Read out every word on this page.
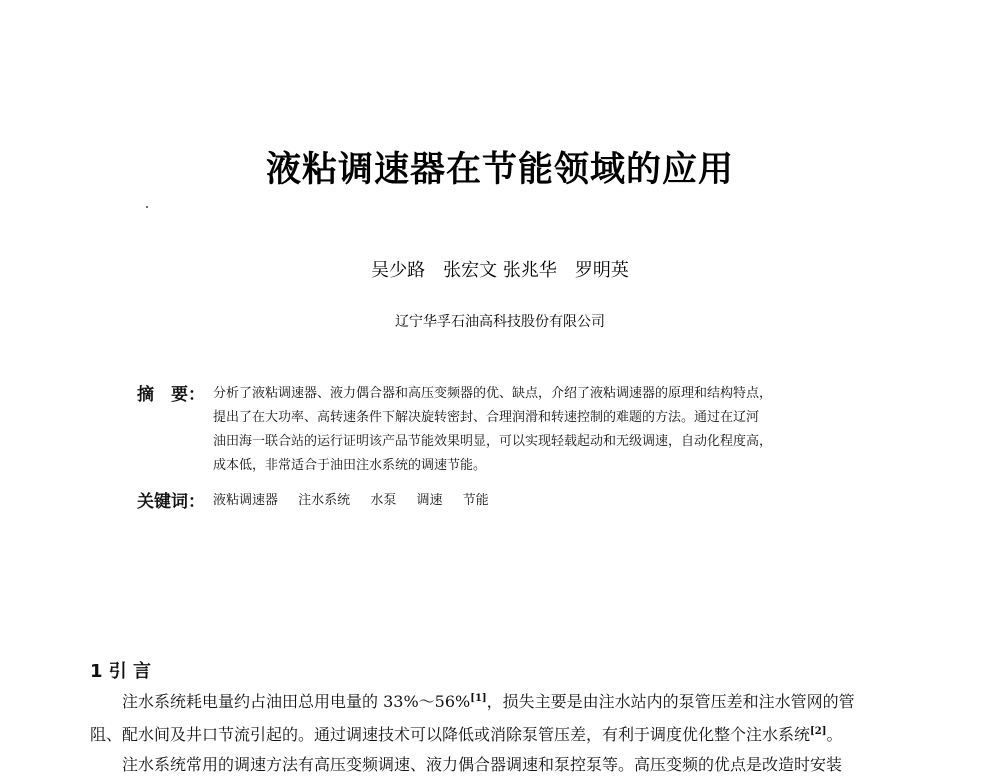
液粘调速器在节能领域的应用
吴少路　张宏文 张兆华　罗明英
辽宁华孚石油高科技股份有限公司
摘　要： 分析了液粘调速器、液力偶合器和高压变频器的优、缺点，介绍了液粘调速器的原理和结构特点，
提出了在大功率、高转速条件下解决旋转密封、合理润滑和转速控制的难题的方法。通过在辽河
油田海一联合站的运行证明该产品节能效果明显，可以实现轻载起动和无级调速，自动化程度高，
成本低，非常适合于油田注水系统的调速节能。
关键词： 液粘调速器 注水系统 水泵 调速 节能
1 引 言
注水系统耗电量约占油田总用电量的 33%～56%[1]，损失主要是由注水站内的泵管压差和注水管网的管
阻、配水间及井口节流引起的。通过调速技术可以降低或消除泵管压差，有利于调度优化整个注水系统[2]。
注水系统常用的调速方法有高压变频调速、液力偶合器调速和泵控泵等。高压变频的优点是改造时安装
